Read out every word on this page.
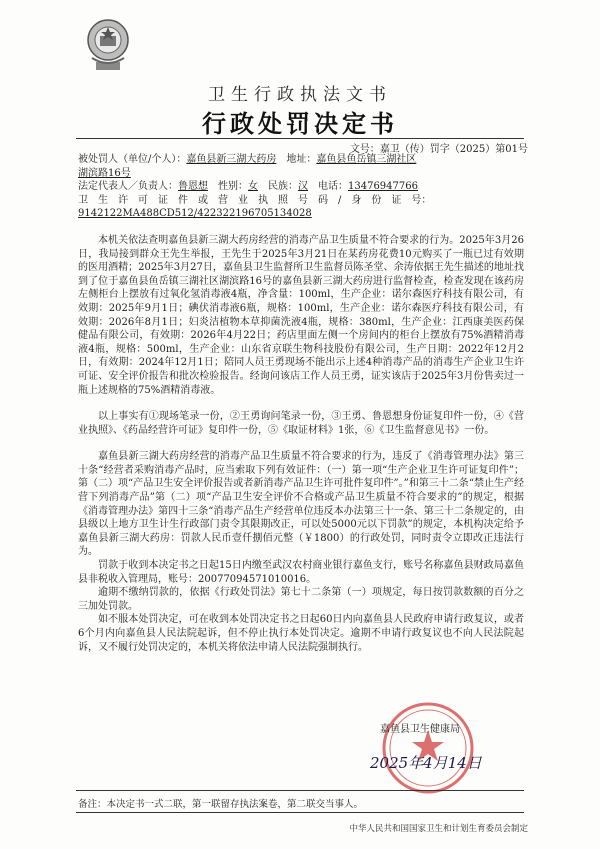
卫生行政执法文书
行政处罚决定书
文号：嘉卫（传）罚字（2025）第01号

被处罚人（单位/个人）：嘉鱼县新三湖大药房　 地址：嘉鱼县鱼岳镇三湖社区

湖滨路16号

法定代表人／负责人：鲁恩想　 性别：女　 民族：汉　 电话：13476947766

卫　生　许　可　证　件　或　营　业　执　照　号　码　/　身　份　证　号：

9142122MA488CD512/422322196705134028

本机关依法查明嘉鱼县新三湖大药房经营的消毒产品卫生质量不符合要求的行为。2025年3月26日，我局接到群众王先生举报，王先生于2025年3月21日在某药房花费10元购买了一瓶已过有效期的医用酒精；2025年3月27日，嘉鱼县卫生监督所卫生监督员陈圣堂、余涛依据王先生描述的地址找到了位于嘉鱼县鱼岳镇三湖社区湖滨路16号的嘉鱼县新三湖大药房进行监督检查，检查发现在该药房左侧柜台上摆放有过氧化氢消毒液4瓶，净含量：100ml，生产企业：诺尔森医疗科技有限公司，有效期：2025年9月1日；碘伏消毒液6瓶，规格：100ml，生产企业：诺尔森医疗科技有限公司，有效期：2026年8月1日；妇炎洁植物本草抑菌洗液4瓶，规格：380ml，生产企业：江西康美医药保健品有限公司，有效期：2026年4月22日；药店里面左侧一个房间内的柜台上摆放有75%酒精消毒液4瓶，规格：500ml，生产企业：山东省京联生物科技股份有限公司，生产日期：2022年12月2日，有效期：2024年12月1日；陪同人员王勇现场不能出示上述4种消毒产品的消毒生产企业卫生许可证、安全评价报告和批次检验报告。经询问该店工作人员王勇，证实该店于2025年3月份售卖过一瓶上述规格的75%酒精消毒液。

以上事实有①现场笔录一份，②王勇询问笔录一份，③王勇、鲁恩想身份证复印件一份，④《营业执照》、《药品经营许可证》复印件一份，⑤《取证材料》1张，⑥《卫生监督意见书》一份。

嘉鱼县新三湖大药房经营的消毒产品卫生质量不符合要求的行为，违反了《消毒管理办法》第三十条“经营者采购消毒产品时，应当索取下列有效证件：（一）第一项“生产企业卫生许可证复印件”；第（二）项“产品卫生安全评价报告或者新消毒产品卫生许可批件复印件”。”和第三十二条“禁止生产经营下列消毒产品”第（二）项“产品卫生安全评价不合格或产品卫生质量不符合要求的”的规定，根据《消毒管理办法》第四十三条“消毒产品生产经营单位违反本办法第三十一条、第三十二条规定的，由县级以上地方卫生计生行政部门责令其限期改正，可以处5000元以下罚款”的规定，本机构决定给予嘉鱼县新三湖大药房：罚款人民币壹仟捌佰元整（￥1800）的行政处罚，同时责令立即改正违法行为。

罚款于收到本决定书之日起15日内缴至武汉农村商业银行嘉鱼支行，账号名称嘉鱼县财政局嘉鱼县非税收入管理局，账号：20077094571010016。

逾期不缴纳罚款的，依据《行政处罚法》第七十二条第（一）项规定，每日按罚款数额的百分之三加处罚款。

如不服本处罚决定，可在收到本处罚决定书之日起60日内向嘉鱼县人民政府申请行政复议，或者6个月内向嘉鱼县人民法院起诉，但不停止执行本处罚决定。逾期不申请行政复议也不向人民法院起诉，又不履行处罚决定的，本机关将依法申请人民法院强制执行。

嘉鱼县卫生健康局
2025年4月14日
备注：本决定书一式二联，第一联留存执法案卷，第二联交当事人。
中华人民共和国国家卫生和计划生育委员会制定
